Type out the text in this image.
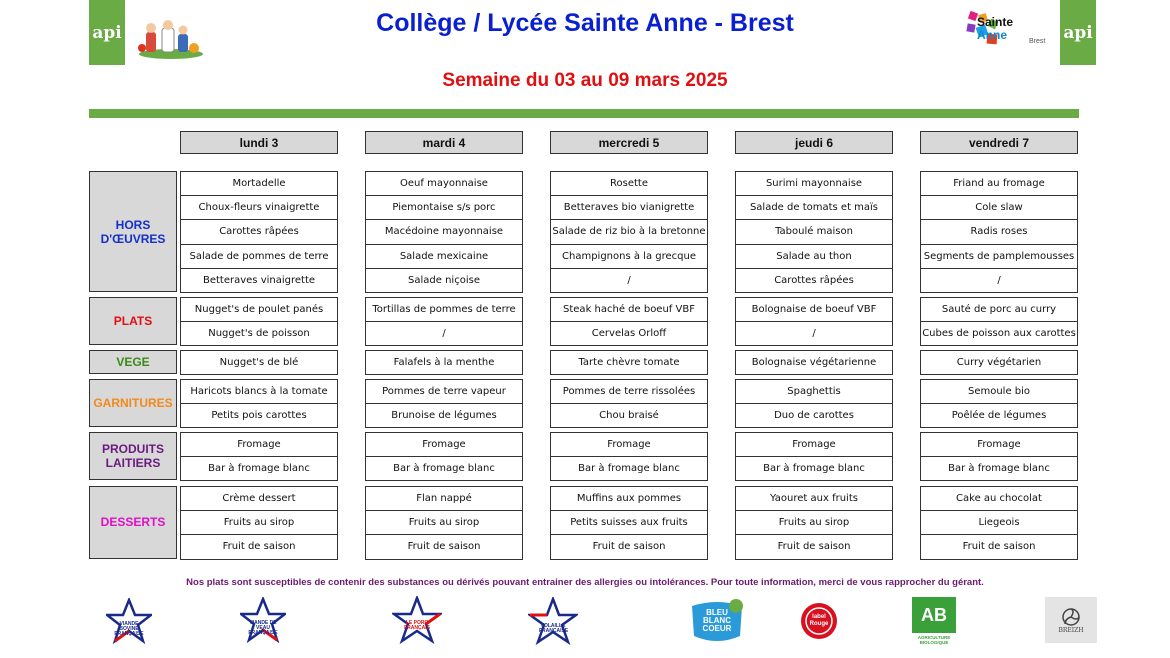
api	Collège / Lycée Sainte Anne - Brest
Semaine du 03 au 09 mars 2025
Sainte
Anne	Brest api
lundi 3	mardi 4	mercredi 5	jeudi 6	vendredi 7
HORS
D'ŒUVRES
Mortadelle	Oeuf mayonnaise	Rosette	Surimi mayonnaise	Friand au fromage
Choux-fleurs vinaigrette	Piemontaise s/s porc	Betteraves bio vianigrette	Salade de tomats et maïs	Cole slaw
Carottes râpées	Macédoine mayonnaise	Salade de riz bio à la bretonne	Taboulé maison	Radis roses
Salade de pommes de terre	Salade mexicaine	Champignons à la grecque	Salade au thon	Segments de pamplemousses
Betteraves vinaigrette	Salade niçoise	/	Carottes râpées	/
PLATS
Nugget's de poulet panés	Tortillas de pommes de terre	Steak haché de boeuf VBF	Bolognaise de boeuf VBF	Sauté de porc au curry
Nugget's de poisson	/	Cervelas Orloff	/	Cubes de poisson aux carottes
VEGE	Nugget's de blé	Falafels à la menthe	Tarte chèvre tomate	Bolognaise végétarienne	Curry végétarien
GARNITURES
Haricots blancs à la tomate	Pommes de terre vapeur	Pommes de terre rissolées	Spaghettis	Semoule bio
Petits pois carottes	Brunoise de légumes	Chou braisé	Duo de carottes	Poêlée de légumes
PRODUITS
LAITIERS
Fromage	Fromage	Fromage	Fromage	Fromage
Bar à fromage blanc	Bar à fromage blanc	Bar à fromage blanc	Bar à fromage blanc	Bar à fromage blanc
DESSERTS
Crème dessert	Flan nappé	Muffins aux pommes	Yaouret aux fruits	Cake au chocolat
Fruits au sirop	Fruits au sirop	Petits suisses aux fruits	Fruits au sirop	Liegeois
Fruit de saison	Fruit de saison	Fruit de saison	Fruit de saison	Fruit de saison
Nos plats sont susceptibles de contenir des substances ou dérivés pouvant entrainer des allergies ou intolérances. Pour toute information, merci de vous rapprocher du gérant.
VIANDE BOVINE FRANÇAISE
VIANDE DE VEAU FRANÇAISE
LE PORC FRANÇAIS	VOLAILLE FRANÇAISE
BLEU
BLANC
COEUR
label Rouge	AB
AGRICULTURE BIOLOGIQUE
BREIZH
